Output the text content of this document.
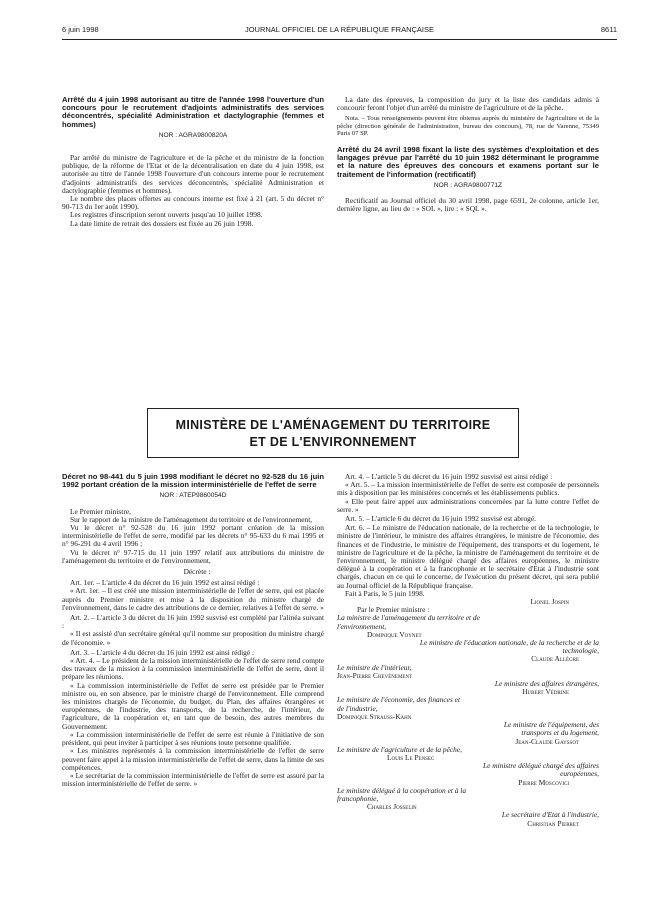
6 juin 1998	JOURNAL OFFICIEL DE LA RÉPUBLIQUE FRANÇAISE	8611

Arrêté du 4 juin 1998 autorisant au titre de l'année 1998 l'ouverture d'un concours pour le recrutement d'adjoints administratifs des services déconcentrés, spécialité Administration et dactylographie (femmes et hommes)

NOR : AGRA9800820A

Par arrêté du ministre de l'agriculture et de la pêche et du ministre de la fonction publique, de la réforme de l'Etat et de la décentralisation en date du 4 juin 1998, est autorisée au titre de l'année 1998 l'ouverture d'un concours interne pour le recrutement d'adjoints administratifs des services déconcentrés, spécialité Administration et dactylographie (femmes et hommes).

Le nombre des places offertes au concours interne est fixé à 21 (art. 5 du décret n° 90-713 du 1er août 1990).

Les registres d'inscription seront ouverts jusqu'au 10 juillet 1998.

La date limite de retrait des dossiers est fixée au 26 juin 1998.

La date des épreuves, la composition du jury et la liste des candidats admis à concourir feront l'objet d'un arrêté du ministre de l'agriculture et de la pêche.

Nota. – Tous renseignements peuvent être obtenus auprès du ministère de l'agriculture et de la pêche (direction générale de l'administration, bureau des concours), 78, rue de Varenne, 75349 Paris 07 SP.

Arrêté du 24 avril 1998 fixant la liste des systèmes d'exploitation et des langages prévue par l'arrêté du 10 juin 1982 déterminant le programme et la nature des épreuves des concours et examens portant sur le traitement de l'information (rectificatif)

NOR : AGRA9800771Z

Rectificatif au Journal officiel du 30 avril 1998, page 6591, 2e colonne, article 1er, dernière ligne, au lieu de : « SOL », lire : « SQL ».

MINISTÈRE DE L'AMÉNAGEMENT DU TERRITOIRE
ET DE L'ENVIRONNEMENT

Décret no 98-441 du 5 juin 1998 modifiant le décret no 92-528 du 16 juin 1992 portant création de la mission interministérielle de l'effet de serre

NOR : ATEP9860054D

Le Premier ministre,

Sur le rapport de la ministre de l'aménagement du territoire et de l'environnement,

Vu le décret n° 92-528 du 16 juin 1992 portant création de la mission interministérielle de l'effet de serre, modifié par les décrets n° 95-633 du 6 mai 1995 et n° 96-291 du 4 avril 1996 ;

Vu le décret n° 97-715 du 11 juin 1997 relatif aux attributions du ministre de l'aménagement du territoire et de l'environnement,

Décrète :

Art. 1er. – L'article 4 du décret du 16 juin 1992 est ainsi rédigé :

« Art. 1er. – Il est créé une mission interministérielle de l'effet de serre, qui est placée auprès du Premier ministre et mise à la disposition du ministre chargé de l'environnement, dans le cadre des attributions de ce dernier, relatives à l'effet de serre. »

Art. 2. – L'article 3 du décret du 16 juin 1992 susvisé est complété par l'alinéa suivant :

« Il est assisté d'un secrétaire général qu'il nomme sur proposition du ministre chargé de l'économie. »

Art. 3. – L'article 4 du décret du 16 juin 1992 est ainsi rédigé :

« Art. 4. – Le président de la mission interministérielle de l'effet de serre rend compte des travaux de la mission à la commission interministérielle de l'effet de serre, dont il prépare les réunions.

« La commission interministérielle de l'effet de serre est présidée par le Premier ministre ou, en son absence, par le ministre chargé de l'environnement. Elle comprend les ministres chargés de l'économie, du budget, du Plan, des affaires étrangères et européennes, de l'industrie, des transports, de la recherche, de l'intérieur, de l'agriculture, de la coopération et, en tant que de besoin, des autres membres du Gouvernement.

« La commission interministérielle de l'effet de serre est réunie à l'initiative de son président, qui peut inviter à participer à ses réunions toute personne qualifiée.

« Les ministres représentés à la commission interministérielle de l'effet de serre peuvent faire appel à la mission interministérielle de l'effet de serre, dans la limite de ses compétences.

« Le secrétariat de la commission interministérielle de l'effet de serre est assuré par la mission interministérielle de l'effet de serre. »

Art. 4. – L'article 5 du décret du 16 juin 1992 susvisé est ainsi rédigé :

« Art. 5. – La mission interministérielle de l'effet de serre est composée de personnels mis à disposition par les ministères concernés et les établissements publics.

« Elle peut faire appel aux administrations concernées par la lutte contre l'effet de serre. »

Art. 5. – L'article 6 du décret du 16 juin 1992 susvisé est abrogé.

Art. 6. – Le ministre de l'éducation nationale, de la recherche et de la technologie, le ministre de l'intérieur, le ministre des affaires étrangères, le ministre de l'économie, des finances et de l'industrie, le ministre de l'équipement, des transports et du logement, le ministre de l'agriculture et de la pêche, la ministre de l'aménagement du territoire et de l'environnement, le ministre délégué chargé des affaires européennes, le ministre délégué à la coopération et à la francophonie et le secrétaire d'Etat à l'industrie sont chargés, chacun en ce qui le concerne, de l'exécution du présent décret, qui sera publié au Journal officiel de la République française.

Fait à Paris, le 5 juin 1998.

Lionel Jospin

Par le Premier ministre :

La ministre de l'aménagement du territoire et de l'environnement,

Dominique Voynet

Le ministre de l'éducation nationale, de la recherche et de la technologie,

Claude Allègre

Le ministre de l'intérieur,

Jean-Pierre Chevènement

Le ministre des affaires étrangères,

Hubert Védrine

Le ministre de l'économie, des finances et de l'industrie,

Dominique Strauss-Kahn

Le ministre de l'équipement, des transports et du logement,

Jean-Claude Gayssot

Le ministre de l'agriculture et de la pêche,

Louis Le Pensec

Le ministre délégué chargé des affaires européennes,

Pierre Moscovici

Le ministre délégué à la coopération et à la francophonie,

Charles Josselin

Le secrétaire d'Etat à l'industrie,

Christian Pierret
